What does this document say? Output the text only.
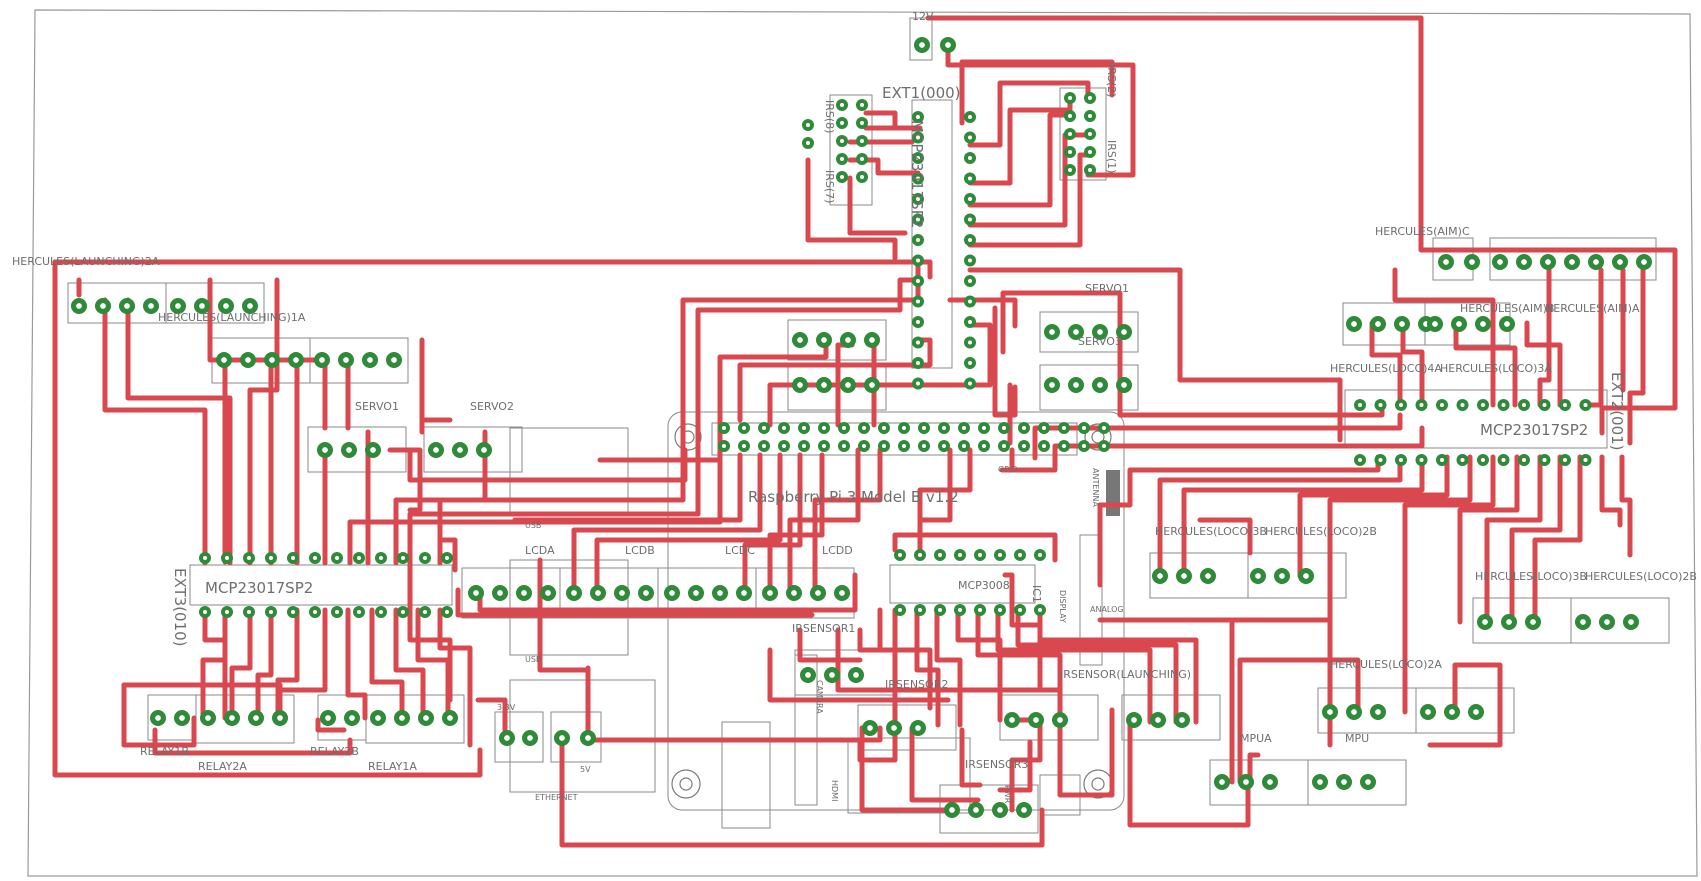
12V
EXT1(000)
MCP23017SP2
IRS(8)
IRS(7)
IRS(1)
IRS(2)
SERVO1
SERVO3
HERCULES(AIM)C
HERCULES(AIM)B
HERCULES(AIM)A
HERCULES(LOCO)4A
HERCULES(LOCO)3A
EXT2(001)
MCP23017SP2
HERCULES(LOCO)3B
HERCULES(LOCO)2B
HERCULES(LOCO)3B
HERCULES(LOCO)2B
HERCULES(LOCO)2A
MPU
MPUA
HERCULES(LAUNCHING)2A
HERCULES(LAUNCHING)1A
SERVO1	SERVO2
MCP23017SP2
EXT3(010)
RELAY1B
RELAY2A
RELAY2B
RELAY1A
LCDA	LCDB	LCDC	LCDD
Raspberry Pi 3 Model B v1.2
GPIO	ANTENNA
MCP3008 IC1
IRSENSOR1
IRSENSOR2
IRSENSOR(LAUNCHING)
IRSENSOR3
3.3V
5V
USB
USB
ETHERNET	HDMI
CAMERA
DISPLAY
PWR
ANALOG
